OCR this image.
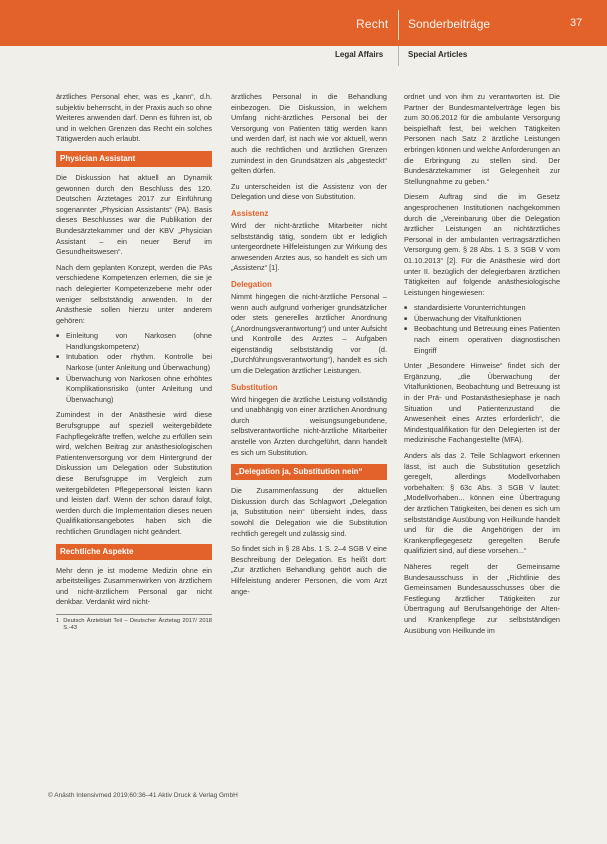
Recht Sonderbeiträge	37
Legal Affairs	Special Articles

ärztliches Personal eher, was es „kann“, d.h. subjektiv beherrscht, in der Praxis auch so ohne Weiteres anwenden darf. Denn es führen ist, ob und in welchen Grenzen das Recht ein solches Tätigwerden auch erlaubt.

Physician Assistant

Die Diskussion hat aktuell an Dynamik gewonnen durch den Beschluss des 120. Deutschen Ärztetages 2017 zur Einführung sogenannter „Physician Assistants“ (PA). Basis dieses Beschlusses war die Publikation der Bundesärztekammer und der KBV „Physician Assistant – ein neuer Beruf im Gesundheitswesen“.

Nach dem geplanten Konzept, werden die PAs verschiedene Kompetenzen erlernen, die sie je nach delegierter Kompetenzebene mehr oder weniger selbstständig anwenden. In der Anästhesie sollen hierzu unter anderem gehören:

■ Einleitung von Narkosen (ohne Handlungskompetenz)
■ Intubation oder rhythm. Kontrolle bei Narkose (unter Anleitung und Überwachung)
■ Überwachung von Narkosen ohne erhöhtes Komplikationsrisiko (unter Anleitung und Überwachung)

Zumindest in der Anästhesie wird diese Berufsgruppe auf speziell weitergebildete Fachpflegekräfte treffen, welche zu erfüllen sein wird, welchen Beitrag zur anästhesiologischen Patientenversorgung vor dem Hintergrund der Diskussion um Delegation oder Substitution diese Berufsgruppe im Vergleich zum weitergebildeten Pflegepersonal leisten kann und leisten darf. Wenn der schon darauf folgt, werden durch die Implementation dieses neuen Qualifikationsangebotes haben sich die rechtlichen Grundlagen nicht geändert.

Rechtliche Aspekte

Mehr denn je ist moderne Medizin ohne ein arbeitsteiliges Zusammenwirken von ärztlichem und nicht-ärztlichem Personal gar nicht denkbar. Verdankt wird nicht-

1 Deutsch Ärzteblatt Teil – Deutscher Ärztetag 2017/ 2018 S.-43

ärztliches Personal in die Behandlung einbezogen. Die Diskussion, in welchem Umfang nicht-ärztliches Personal bei der Versorgung von Patienten tätig werden kann und werden darf, ist nach wie vor aktuell, wenn auch die rechtlichen und ärztlichen Grenzen zumindest in den Grundsätzen als „abgesteckt“ gelten dürfen.

Zu unterscheiden ist die Assistenz von der Delegation und diese von Substitution.

Assistenz

Wird der nicht-ärztliche Mitarbeiter nicht selbstständig tätig, sondern übt er lediglich untergeordnete Hilfeleistungen zur Wirkung des anwesenden Arztes aus, so handelt es sich um „Assistenz“ [1].

Delegation

Nimmt hingegen die nicht-ärztliche Personal – wenn auch aufgrund vorheriger grundsätzlicher oder stets generelles ärztlicher Anordnung („Anordnungsverantwortung“) und unter Aufsicht und Kontrolle des Arztes – Aufgaben eigenständig selbstständig vor (d. „Durchführungsverantwortung“), handelt es sich um die Delegation ärztlicher Leistungen.

Substitution

Wird hingegen die ärztliche Leistung vollständig und unabhängig von einer ärztlichen Anordnung durch weisungsungebundene, selbstverantwortliche nicht-ärztliche Mitarbeiter anstelle von Ärzten durchgeführt, dann handelt es sich um Substitution.

„Delegation ja, Substitution nein“

Die Zusammenfassung der aktuellen Diskussion durch das Schlagwort „Delegation ja, Substitution nein“ übersieht indes, dass sowohl die Delegation wie die Substitution rechtlich geregelt und zulässig sind.

So findet sich in § 28 Abs. 1 S. 2–4 SGB V eine Beschreibung der Delegation. Es heißt dort: „Zur ärztlichen Behandlung gehört auch die Hilfeleistung anderer Personen, die vom Arzt ange-

ordnet und von ihm zu verantworten ist. Die Partner der Bundesmantelverträge legen bis zum 30.06.2012 für die ambulante Versorgung beispielhaft fest, bei welchen Tätigkeiten Personen nach Satz 2 ärztliche Leistungen erbringen können und welche Anforderungen an die Erbringung zu stellen sind. Der Bundesärztekammer ist Gelegenheit zur Stellungnahme zu geben.“

Diesem Auftrag sind die im Gesetz angesprochenen Institutionen nachgekommen durch die „Vereinbarung über die Delegation ärztlicher Leistungen an nichtärztliches Personal in der ambulanten vertragsärztlichen Versorgung gem. § 28 Abs. 1 S. 3 SGB V vom 01.10.2013“ [2]. Für die Anästhesie wird dort unter II. bezüglich der delegierbaren ärztlichen Tätigkeiten auf folgende anästhesiologische Leistungen hingewiesen:

■ standardisierte Vorunterrichtungen
■ Überwachung der Vitalfunktionen
■ Beobachtung und Betreuung eines Patienten nach einem operativen diagnostischen Eingriff

Unter „Besondere Hinweise“ findet sich der Ergänzung, „die Überwachung der Vitalfunktionen, Beobachtung und Betreuung ist in der Prä- und Postanästhesiephase je nach Situation und Patientenzustand die Anwesenheit eines Arztes erforderlich“, die Mindestqualifikation für den Delegierten ist der medizinische Fachangestellte (MFA).

Anders als das 2. Teile Schlagwort erkennen lässt, ist auch die Substitution gesetzlich geregelt, allerdings Modellvorhaben vorbehalten: § 63c Abs. 3 SGB V lautet: „Modellvorhaben... können eine Übertragung der ärztlichen Tätigkeiten, bei denen es sich um selbstständige Ausübung von Heilkunde handelt und für die die Angehörigen der im Krankenpflegegesetz geregelten Berufe qualifiziert sind, auf diese vorsehen...“

Näheres regelt der Gemeinsame Bundesausschuss in der „Richtlinie des Gemeinsamen Bundesausschusses über die Festlegung ärztlicher Tätigkeiten zur Übertragung auf Berufsangehörige der Alten- und Krankenpflege zur selbstständigen Ausübung von Heilkunde im

© Anästh Intensivmed 2019;60:36–41 Aktiv Druck & Verlag GmbH
